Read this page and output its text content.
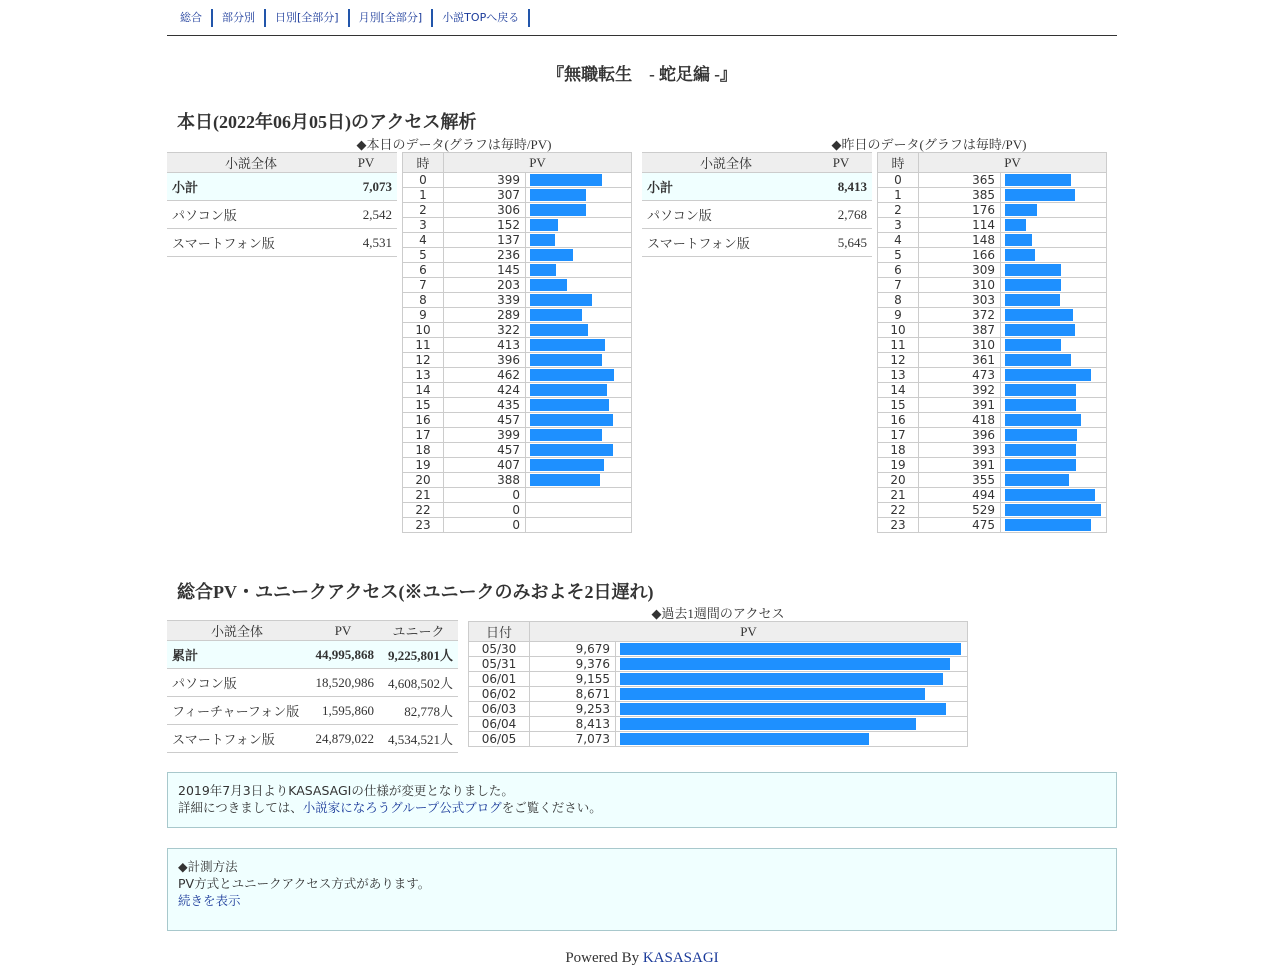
総合	部分別	日別[全部分]	月別[全部分]	小説TOPへ戻る
『無職転生　- 蛇足編 -』
本日(2022年06月05日)のアクセス解析
◆本日のデータ(グラフは毎時/PV)	◆昨日のデータ(グラフは毎時/PV)
小説全体	PV
小計	7,073
パソコン版	2,542
スマートフォン版	4,531
時	PV	
0	399	

1	307	

2	306	

3	152	

4	137	

5	236	

6	145	

7	203	

8	339	

9	289	

10	322	

11	413	

12	396	

13	462	

14	424	

15	435	

16	457	

17	399	

18	457	

19	407	

20	388	

21	0	
22	0	
23	0	
小説全体	PV
小計	8,413
パソコン版	2,768
スマートフォン版	5,645
時	PV	
0	365	

1	385	

2	176	

3	114	

4	148	

5	166	

6	309	

7	310	

8	303	

9	372	

10	387	

11	310	

12	361	

13	473	

14	392	

15	391	

16	418	

17	396	

18	393	

19	391	

20	355	

21	494	

22	529	

23	475	
総合PV・ユニークアクセス(※ユニークのみおよそ2日遅れ)
◆過去1週間のアクセス
小説全体	PV	ユニーク
累計	44,995,868	9,225,801人
パソコン版	18,520,986	4,608,502人
フィーチャーフォン版	1,595,860	82,778人
スマートフォン版	24,879,022	4,534,521人
日付	PV	
05/30	9,679	

05/31	9,376	

06/01	9,155	

06/02	8,671	

06/03	9,253	

06/04	8,413	

06/05	7,073	
2019年7月3日よりKASASAGIの仕様が変更となりました。
詳細につきましては、小説家になろうグループ公式ブログをご覧ください。
◆計測方法
PV方式とユニークアクセス方式があります。
続きを表示
Powered By KASASAGI
